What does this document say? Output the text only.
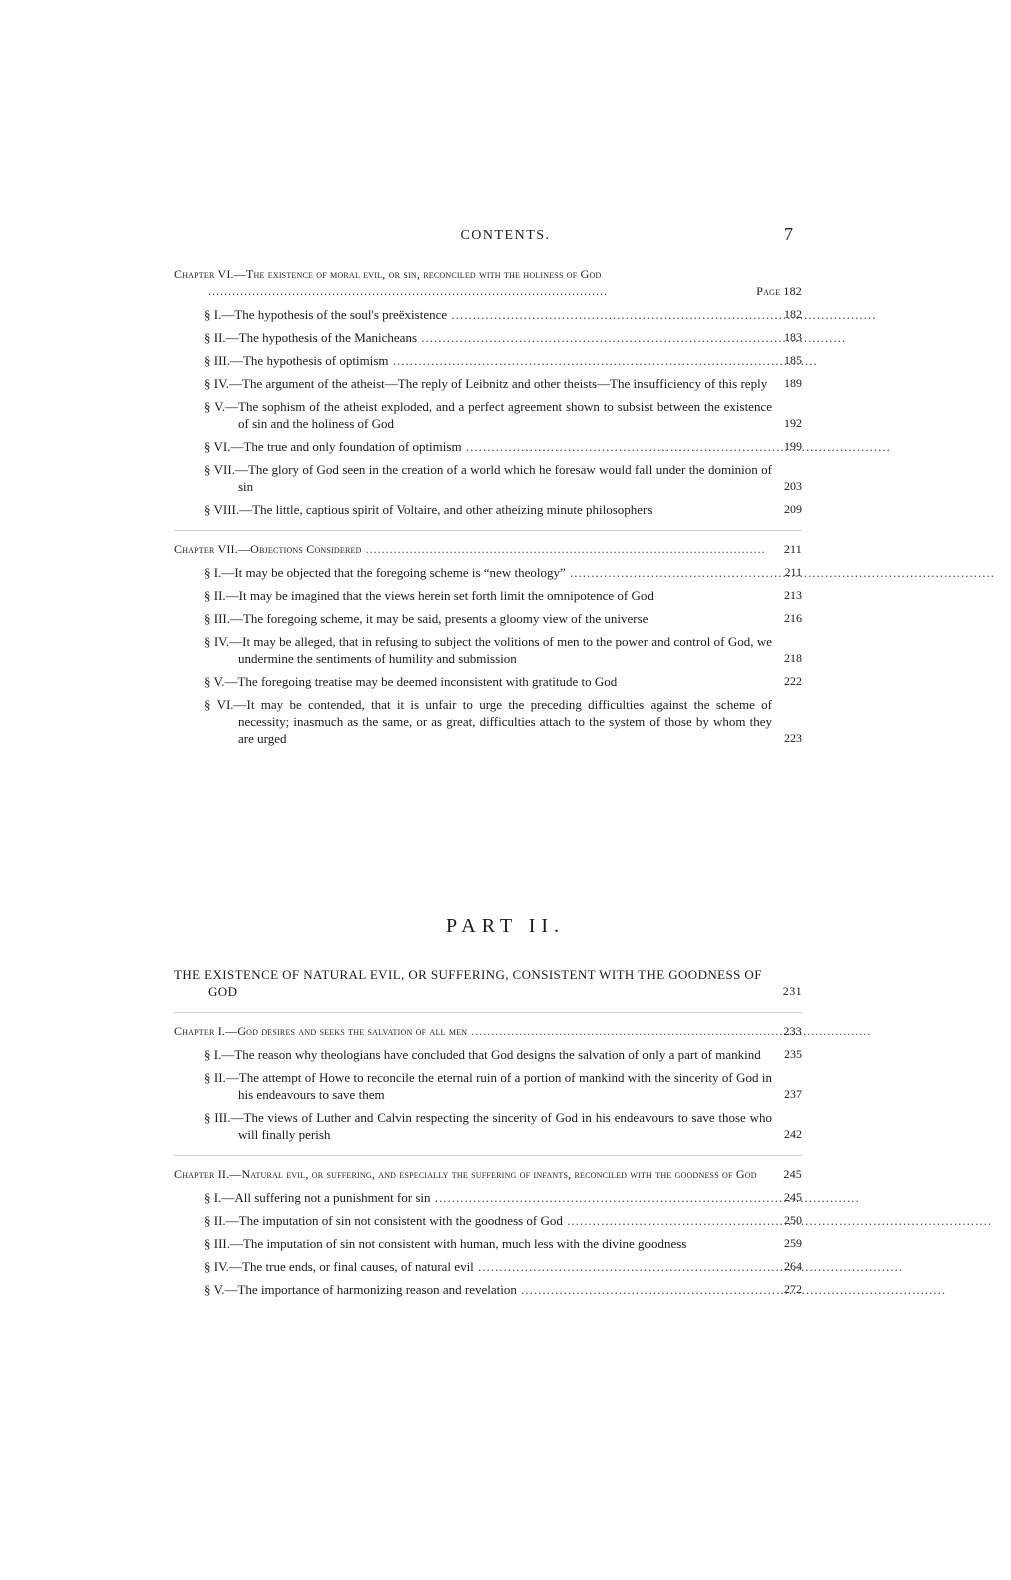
CONTENTS.	7
Chapter VI.—The existence of moral evil, or sin, reconciled with the holiness of God .....
Page 182
§ I.—The hypothesis of the soul's preëxistence .....	182
§ II.—The hypothesis of the Manicheans .....	183
§ III.—The hypothesis of optimism .....	185
§ IV.—The argument of the atheist—The reply of Leibnitz and other theists—The insufficiency of this reply 189
§ V.—The sophism of the atheist exploded, and a perfect agreement shown to subsist between the existence of sin and the holiness of God	192
§ VI.—The true and only foundation of optimism .....	199
§ VII.—The glory of God seen in the creation of a world which he foresaw would fall under the dominion of sin	203
§ VIII.—The little, captious spirit of Voltaire, and other atheizing minute philosophers	209
Chapter VII.—Objections Considered .....	211
§ I.—It may be objected that the foregoing scheme is “new theology” .....	211
§ II.—It may be imagined that the views herein set forth limit the omnipotence of God	213
§ III.—The foregoing scheme, it may be said, presents a gloomy view of the universe	216
§ IV.—It may be alleged, that in refusing to subject the volitions of men to the power and control of God, we undermine the sentiments of humility and submission	218
§ V.—The foregoing treatise may be deemed inconsistent with gratitude to God	222
§ VI.—It may be contended, that it is unfair to urge the preceding difficulties against the scheme of necessity; inasmuch as the same, or as great, difficulties attach to the system of those by whom they are urged	223
PART II.
THE EXISTENCE OF NATURAL EVIL, OR SUFFERING, CONSISTENT WITH THE GOODNESS OF GOD	231
Chapter I.—God desires and seeks the salvation of all men .....	233
§ I.—The reason why theologians have concluded that God designs the salvation of only a part of mankind 235
§ II.—The attempt of Howe to reconcile the eternal ruin of a portion of mankind with the sincerity of God in his endeavours to save them	237
§ III.—The views of Luther and Calvin respecting the sincerity of God in his endeavours to save those who will finally perish	242
Chapter II.—Natural evil, or suffering, and especially the suffering of infants, reconciled with the goodness of God 245
§ I.—All suffering not a punishment for sin .....	245
§ II.—The imputation of sin not consistent with the goodness of God .....	250
§ III.—The imputation of sin not consistent with human, much less with the divine goodness	259
§ IV.—The true ends, or final causes, of natural evil .....	264
§ V.—The importance of harmonizing reason and revelation .....	272
